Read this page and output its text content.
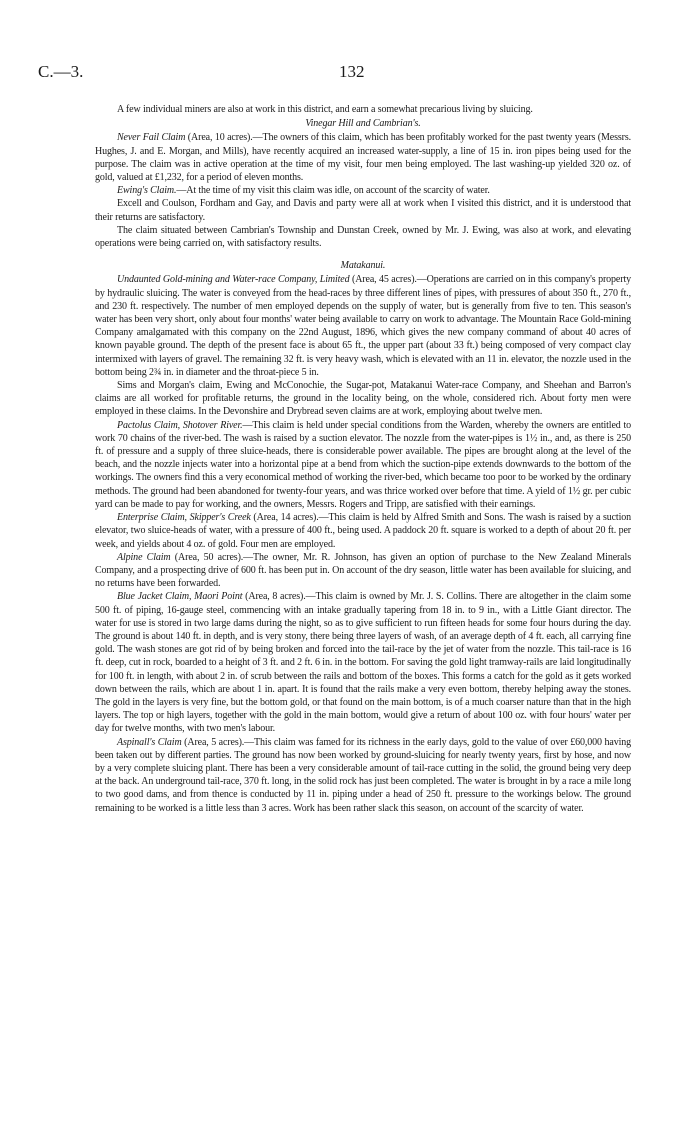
C.—3.	132

A few individual miners are also at work in this district, and earn a somewhat precarious living by sluicing.

Vinegar Hill and Cambrian's.

Never Fail Claim (Area, 10 acres).—The owners of this claim, which has been profitably worked for the past twenty years (Messrs. Hughes, J. and E. Morgan, and Mills), have recently acquired an increased water-supply, a line of 15 in. iron pipes being used for the purpose. The claim was in active operation at the time of my visit, four men being employed. The last washing-up yielded 320 oz. of gold, valued at £1,232, for a period of eleven months.

Ewing's Claim.—At the time of my visit this claim was idle, on account of the scarcity of water.

Excell and Coulson, Fordham and Gay, and Davis and party were all at work when I visited this district, and it is understood that their returns are satisfactory.

The claim situated between Cambrian's Township and Dunstan Creek, owned by Mr. J. Ewing, was also at work, and elevating operations were being carried on, with satisfactory results.

Matakanui.

Undaunted Gold-mining and Water-race Company, Limited (Area, 45 acres).—Operations are carried on in this company's property by hydraulic sluicing. The water is conveyed from the head-races by three different lines of pipes, with pressures of about 350 ft., 270 ft., and 230 ft. respectively. The number of men employed depends on the supply of water, but is generally from five to ten. This season's water has been very short, only about four months' water being available to carry on work to advantage. The Mountain Race Gold-mining Company amalgamated with this company on the 22nd August, 1896, which gives the new company command of about 40 acres of known payable ground. The depth of the present face is about 65 ft., the upper part (about 33 ft.) being composed of very compact clay intermixed with layers of gravel. The remaining 32 ft. is very heavy wash, which is elevated with an 11 in. elevator, the nozzle used in the bottom being 2¾ in. in diameter and the throat-piece 5 in.

Sims and Morgan's claim, Ewing and McConochie, the Sugar-pot, Matakanui Water-race Company, and Sheehan and Barron's claims are all worked for profitable returns, the ground in the locality being, on the whole, considered rich. About forty men were employed in these claims. In the Devonshire and Drybread seven claims are at work, employing about twelve men.

Pactolus Claim, Shotover River.—This claim is held under special conditions from the Warden, whereby the owners are entitled to work 70 chains of the river-bed. The wash is raised by a suction elevator. The nozzle from the water-pipes is 1½ in., and, as there is 250 ft. of pressure and a supply of three sluice-heads, there is considerable power available. The pipes are brought along at the level of the beach, and the nozzle injects water into a horizontal pipe at a bend from which the suction-pipe extends downwards to the bottom of the workings. The owners find this a very economical method of working the river-bed, which became too poor to be worked by the ordinary methods. The ground had been abandoned for twenty-four years, and was thrice worked over before that time. A yield of 1½ gr. per cubic yard can be made to pay for working, and the owners, Messrs. Rogers and Tripp, are satisfied with their earnings.

Enterprise Claim, Skipper's Creek (Area, 14 acres).—This claim is held by Alfred Smith and Sons. The wash is raised by a suction elevator, two sluice-heads of water, with a pressure of 400 ft., being used. A paddock 20 ft. square is worked to a depth of about 20 ft. per week, and yields about 4 oz. of gold. Four men are employed.

Alpine Claim (Area, 50 acres).—The owner, Mr. R. Johnson, has given an option of purchase to the New Zealand Minerals Company, and a prospecting drive of 600 ft. has been put in. On account of the dry season, little water has been available for sluicing, and no returns have been forwarded.

Blue Jacket Claim, Maori Point (Area, 8 acres).—This claim is owned by Mr. J. S. Collins. There are altogether in the claim some 500 ft. of piping, 16-gauge steel, commencing with an intake gradually tapering from 18 in. to 9 in., with a Little Giant director. The water for use is stored in two large dams during the night, so as to give sufficient to run fifteen heads for some four hours during the day. The ground is about 140 ft. in depth, and is very stony, there being three layers of wash, of an average depth of 4 ft. each, all carrying fine gold. The wash stones are got rid of by being broken and forced into the tail-race by the jet of water from the nozzle. This tail-race is 16 ft. deep, cut in rock, boarded to a height of 3 ft. and 2 ft. 6 in. in the bottom. For saving the gold light tramway-rails are laid longitudinally for 100 ft. in length, with about 2 in. of scrub between the rails and bottom of the boxes. This forms a catch for the gold as it gets worked down between the rails, which are about 1 in. apart. It is found that the rails make a very even bottom, thereby helping away the stones. The gold in the layers is very fine, but the bottom gold, or that found on the main bottom, is of a much coarser nature than that in the high layers. The top or high layers, together with the gold in the main bottom, would give a return of about 100 oz. with four hours' water per day for twelve months, with two men's labour.

Aspinall's Claim (Area, 5 acres).—This claim was famed for its richness in the early days, gold to the value of over £60,000 having been taken out by different parties. The ground has now been worked by ground-sluicing for nearly twenty years, first by hose, and now by a very complete sluicing plant. There has been a very considerable amount of tail-race cutting in the solid, the ground being very deep at the back. An underground tail-race, 370 ft. long, in the solid rock has just been completed. The water is brought in by a race a mile long to two good dams, and from thence is conducted by 11 in. piping under a head of 250 ft. pressure to the workings below. The ground remaining to be worked is a little less than 3 acres. Work has been rather slack this season, on account of the scarcity of water.
